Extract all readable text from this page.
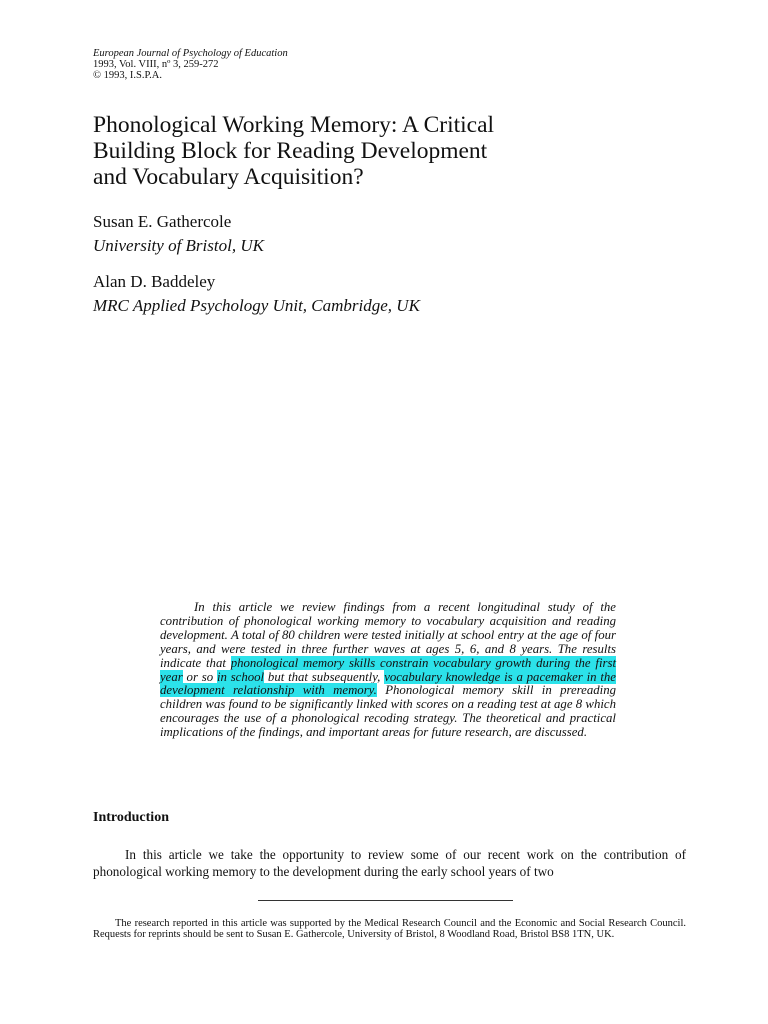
European Journal of Psychology of Education
1993, Vol. VIII, nº 3, 259-272
© 1993, I.S.P.A.
Phonological Working Memory: A Critical
Building Block for Reading Development
and Vocabulary Acquisition?
Susan E. Gathercole
University of Bristol, UK
Alan D. Baddeley
MRC Applied Psychology Unit, Cambridge, UK
In this article we review findings from a recent longitudinal study of the contribution of phonological working memory to vocabulary acquisition and reading development. A total of 80 children were tested initially at school entry at the age of four years, and were tested in three further waves at ages 5, 6, and 8 years. The results indicate that phonological memory skills constrain vocabulary growth during the first year or so in school but that subsequently, vocabulary knowledge is a pacemaker in the development relationship with memory. Phonological memory skill in prereading children was found to be significantly linked with scores on a reading test at age 8 which encourages the use of a phonological recoding strategy. The theoretical and practical implications of the findings, and important areas for future research, are discussed.
Introduction

In this article we take the opportunity to review some of our recent work on the contribution of phonological working memory to the development during the early school years of two

The research reported in this article was supported by the Medical Research Council and the Economic and Social Research Council. Requests for reprints should be sent to Susan E. Gathercole, University of Bristol, 8 Woodland Road, Bristol BS8 1TN, UK.
